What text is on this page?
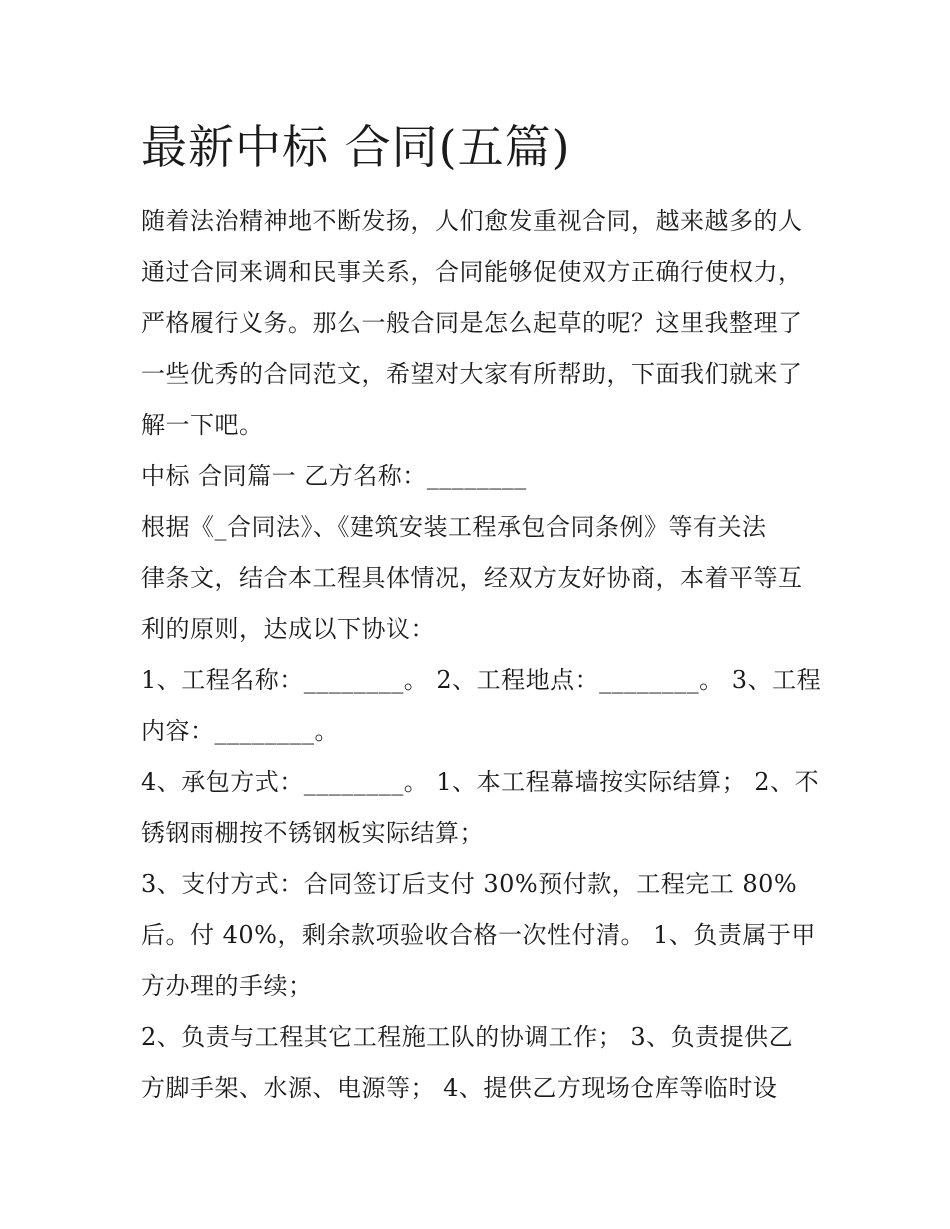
最新中标 合同(五篇)

随着法治精神地不断发扬，人们愈发重视合同，越来越多的人

通过合同来调和民事关系，合同能够促使双方正确行使权力，

严格履行义务。那么一般合同是怎么起草的呢？这里我整理了

一些优秀的合同范文，希望对大家有所帮助，下面我们就来了

解一下吧。

中标 合同篇一 乙方名称：________

根据《_合同法》、《建筑安装工程承包合同条例》等有关法

律条文，结合本工程具体情况，经双方友好协商，本着平等互

利的原则，达成以下协议：

1、工程名称：________。 2、工程地点：________。 3、工程

内容：________。

4、承包方式：________。 1、本工程幕墙按实际结算； 2、不

锈钢雨棚按不锈钢板实际结算；

3、支付方式：合同签订后支付 30%预付款，工程完工 80%

后。付 40%，剩余款项验收合格一次性付清。 1、负责属于甲

方办理的手续；

2、负责与工程其它工程施工队的协调工作； 3、负责提供乙

方脚手架、水源、电源等； 4、提供乙方现场仓库等临时设
